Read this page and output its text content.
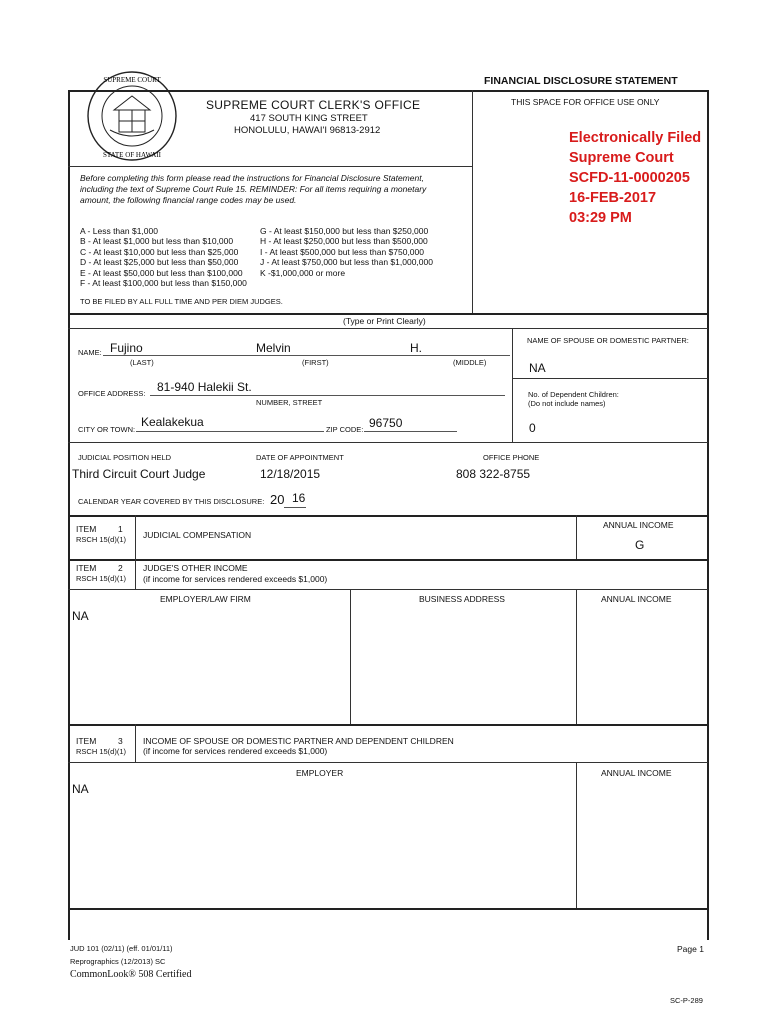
FINANCIAL DISCLOSURE STATEMENT
SUPREME COURT
STATE OF HAWAII
SUPREME COURT CLERK'S OFFICE
417 SOUTH KING STREET
HONOLULU, HAWAI'I 96813-2912
THIS SPACE FOR OFFICE USE ONLY
Electronically Filed
Supreme Court
SCFD-11-0000205
16-FEB-2017
03:29 PM
Before completing this form please read the instructions for Financial Disclosure Statement,
including the text of Supreme Court Rule 15. REMINDER: For all items requiring a monetary
amount, the following financial range codes may be used.
A - Less than $1,000
B - At least $1,000 but less than $10,000
C - At least $10,000 but less than $25,000
D - At least $25,000 but less than $50,000
E - At least $50,000 but less than $100,000
F - At least $100,000 but less than $150,000
G - At least $150,000 but less than $250,000
H - At least $250,000 but less than $500,000
I - At least $500,000 but less than $750,000
J - At least $750,000 but less than $1,000,000
K -$1,000,000 or more
TO BE FILED BY ALL FULL TIME AND PER DIEM JUDGES.
(Type or Print Clearly)
NAME: Fujino	Melvin	H.
(LAST)	(FIRST)	(MIDDLE)
NAME OF SPOUSE OR DOMESTIC PARTNER:
NA
OFFICE ADDRESS: 81-940 Halekii St.
NUMBER, STREET
No. of Dependent Children:
(Do not include names)
0
CITY OR TOWN:
Kealakekua
ZIP CODE: 96750
JUDICIAL POSITION HELD	DATE OF APPOINTMENT	OFFICE PHONE
Third Circuit Court Judge	12/18/2015	808 322-8755
CALENDAR YEAR COVERED BY THIS DISCLOSURE: 20 16
ITEM	1
RSCH 15(d)(1) JUDICIAL COMPENSATION
ANNUAL INCOME
G
ITEM	2
RSCH 15(d)(1)
JUDGE'S OTHER INCOME
(if income for services rendered exceeds $1,000)
EMPLOYER/LAW FIRM	BUSINESS ADDRESS	ANNUAL INCOME
NA
ITEM	3
RSCH 15(d)(1)
INCOME OF SPOUSE OR DOMESTIC PARTNER AND DEPENDENT CHILDREN
(if income for services rendered exceeds $1,000)
EMPLOYER	ANNUAL INCOME
NA
JUD 101 (02/11) (eff. 01/01/11)
Reprographics (12/2013) SC
CommonLook® 508 Certified
Page 1
SC-P-289
